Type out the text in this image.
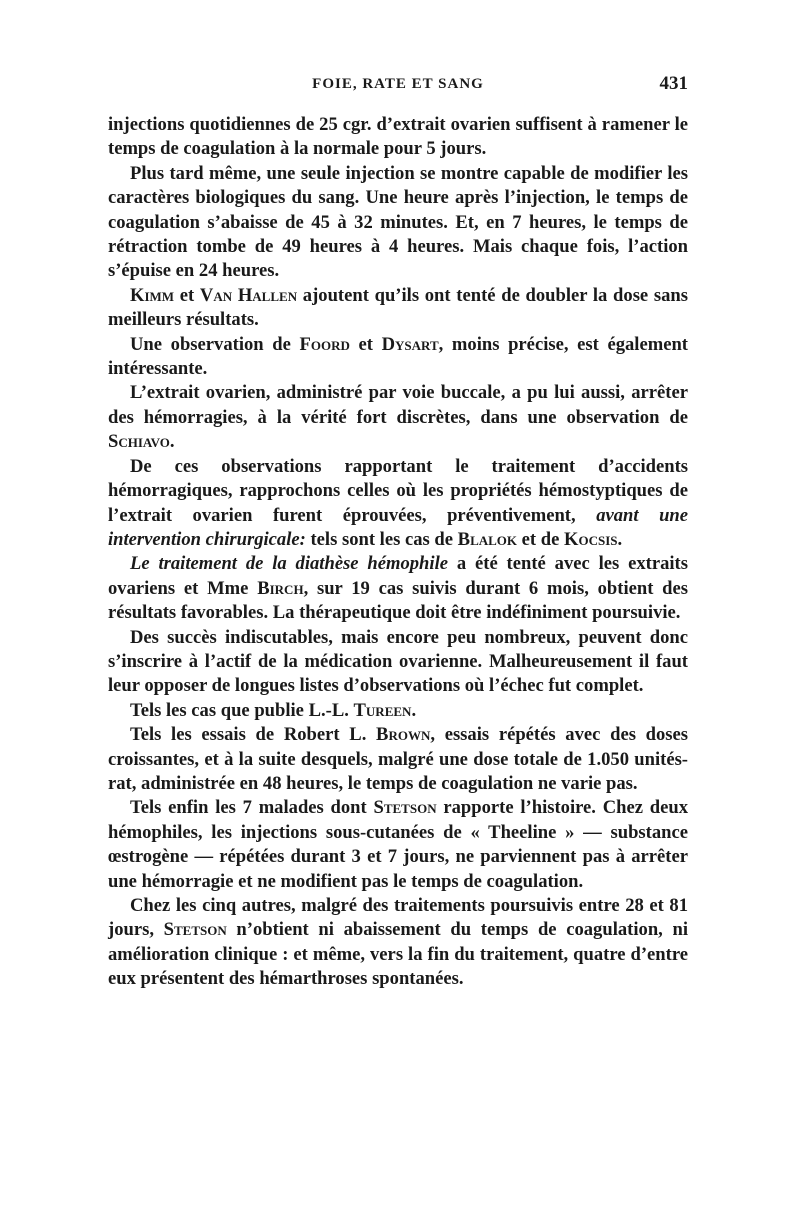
FOIE, RATE ET SANG	431

injections quotidiennes de 25 cgr. d’extrait ovarien suffisent à ramener le temps de coagulation à la normale pour 5 jours.

Plus tard même, une seule injection se montre capable de modifier les caractères biologiques du sang. Une heure après l’injection, le temps de coagulation s’abaisse de 45 à 32 minutes. Et, en 7 heures, le temps de rétraction tombe de 49 heures à 4 heures. Mais chaque fois, l’action s’épuise en 24 heures.

Kimm et Van Hallen ajoutent qu’ils ont tenté de doubler la dose sans meilleurs résultats.

Une observation de Foord et Dysart, moins précise, est également intéressante.

L’extrait ovarien, administré par voie buccale, a pu lui aussi, arrêter des hémorragies, à la vérité fort discrètes, dans une observation de Schiavo.

De ces observations rapportant le traitement d’accidents hémorragiques, rapprochons celles où les propriétés hémostyptiques de l’extrait ovarien furent éprouvées, préventivement, avant une intervention chirurgicale: tels sont les cas de Blalok et de Kocsis.

Le traitement de la diathèse hémophile a été tenté avec les extraits ovariens et Mme Birch, sur 19 cas suivis durant 6 mois, obtient des résultats favorables. La thérapeutique doit être indéfiniment poursuivie.

Des succès indiscutables, mais encore peu nombreux, peuvent donc s’inscrire à l’actif de la médication ovarienne. Malheureusement il faut leur opposer de longues listes d’observations où l’échec fut complet.

Tels les cas que publie L.-L. Tureen.

Tels les essais de Robert L. Brown, essais répétés avec des doses croissantes, et à la suite desquels, malgré une dose totale de 1.050 unités-rat, administrée en 48 heures, le temps de coagulation ne varie pas.

Tels enfin les 7 malades dont Stetson rapporte l’histoire. Chez deux hémophiles, les injections sous-cutanées de « Theeline » — substance œstrogène — répétées durant 3 et 7 jours, ne parviennent pas à arrêter une hémorragie et ne modifient pas le temps de coagulation.

Chez les cinq autres, malgré des traitements poursuivis entre 28 et 81 jours, Stetson n’obtient ni abaissement du temps de coagulation, ni amélioration clinique : et même, vers la fin du traitement, quatre d’entre eux présentent des hémarthroses spontanées.
